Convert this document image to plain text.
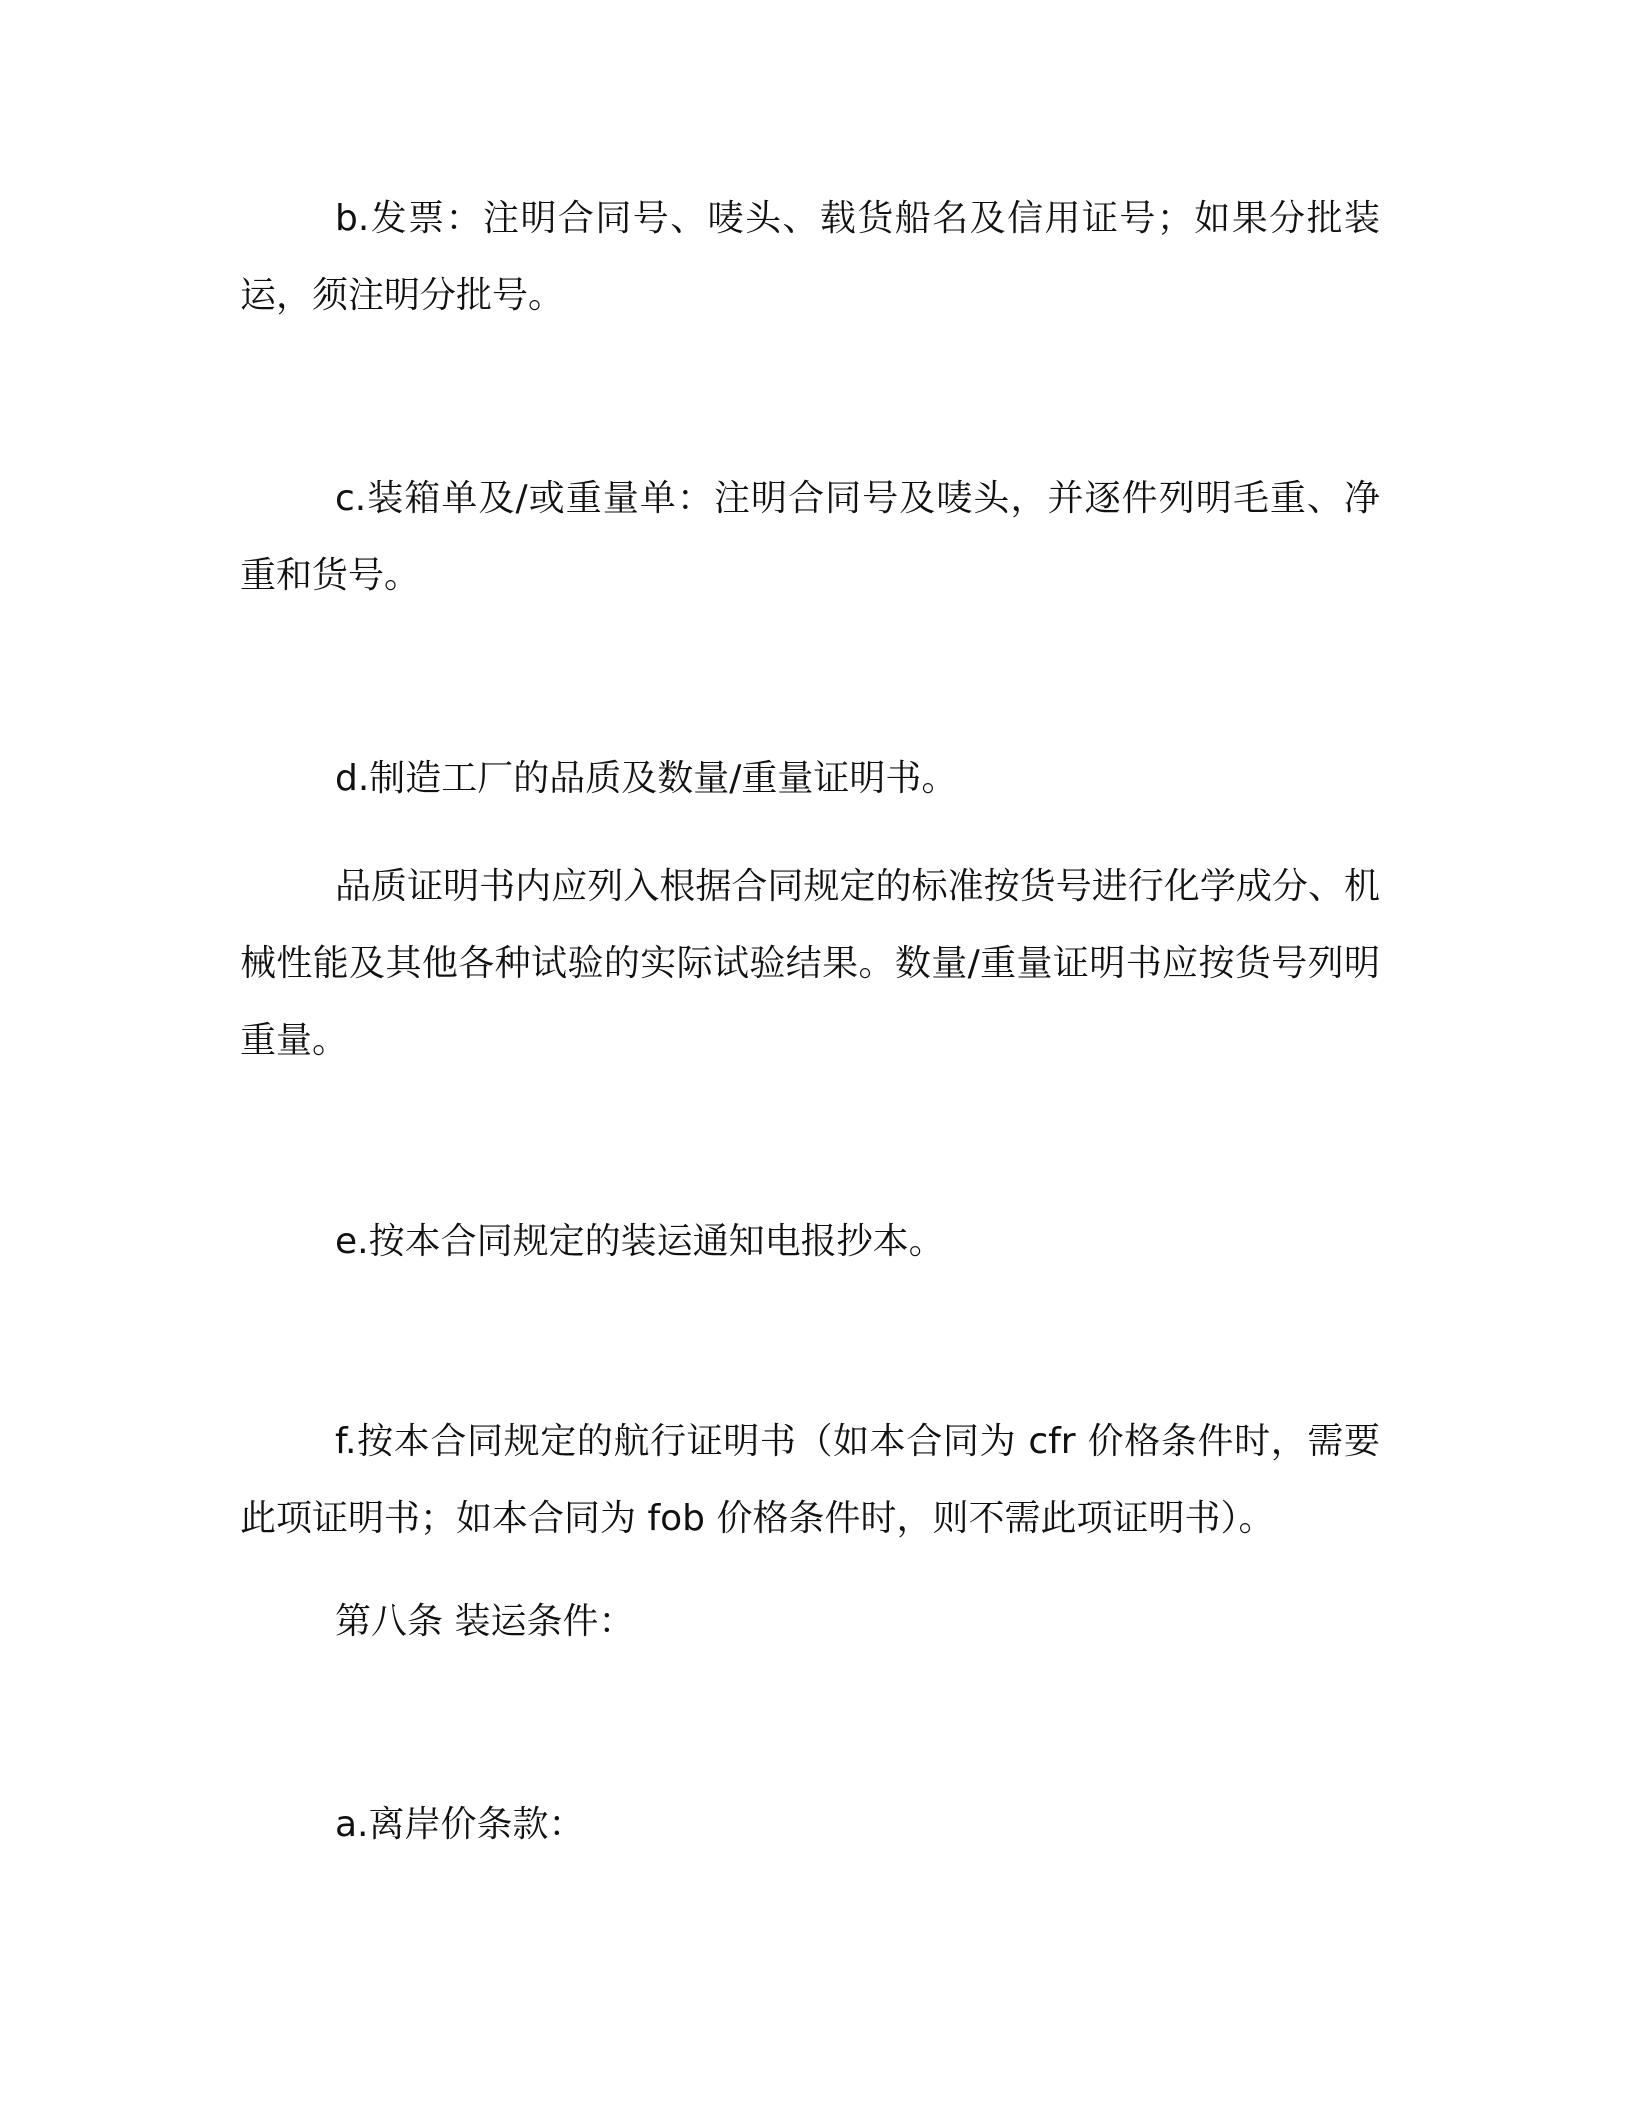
b.发票：注明合同号、唛头、载货船名及信用证号；如果分批装运，须注明分批号。

c.装箱单及/或重量单：注明合同号及唛头，并逐件列明毛重、净重和货号。

d.制造工厂的品质及数量/重量证明书。

品质证明书内应列入根据合同规定的标准按货号进行化学成分、机械性能及其他各种试验的实际试验结果。数量/重量证明书应按货号列明重量。

e.按本合同规定的装运通知电报抄本。

f.按本合同规定的航行证明书（如本合同为 cfr 价格条件时，需要此项证明书；如本合同为 fob 价格条件时，则不需此项证明书）。

第八条 装运条件：

a.离岸价条款：
